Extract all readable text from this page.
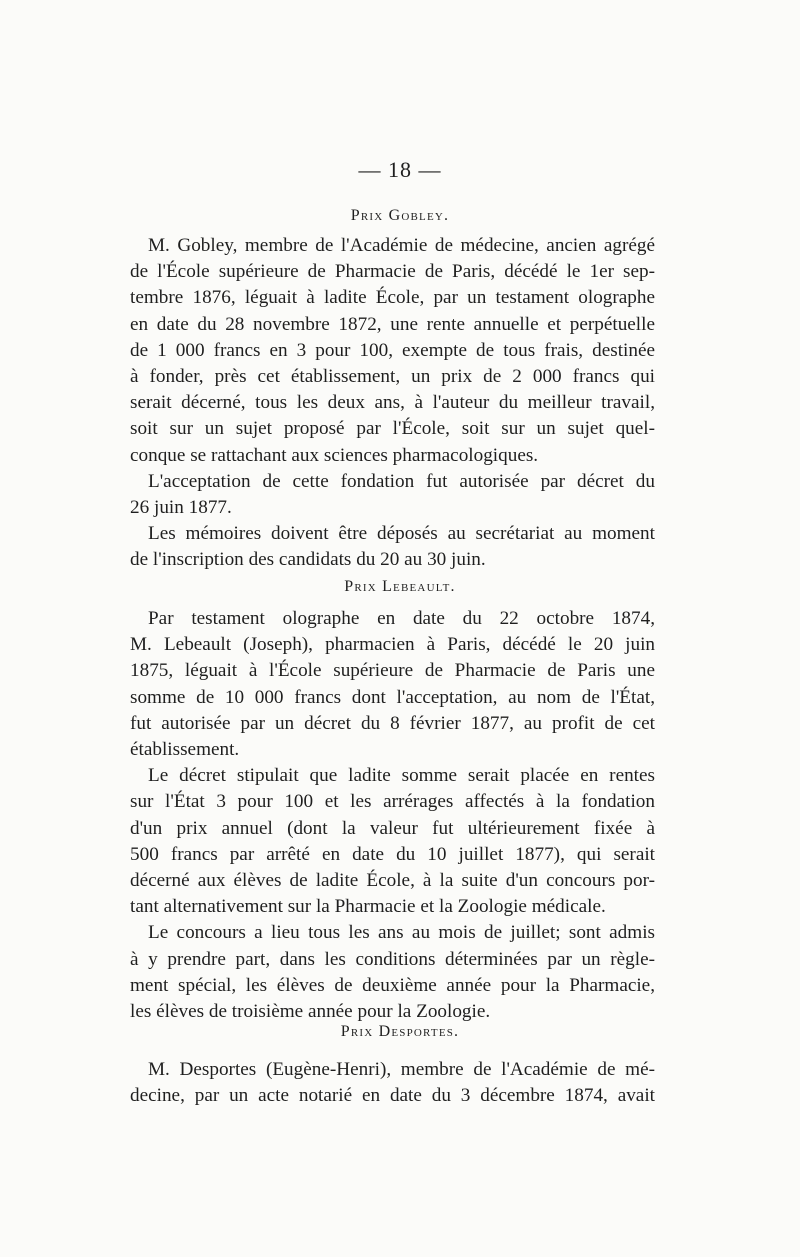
— 18 —
Prix Gobley.
M. Gobley, membre de l'Académie de médecine, ancien agrégé
de l'École supérieure de Pharmacie de Paris, décédé le 1er sep-
tembre 1876, léguait à ladite École, par un testament olographe
en date du 28 novembre 1872, une rente annuelle et perpétuelle
de 1 000 francs en 3 pour 100, exempte de tous frais, destinée
à fonder, près cet établissement, un prix de 2 000 francs qui
serait décerné, tous les deux ans, à l'auteur du meilleur travail,
soit sur un sujet proposé par l'École, soit sur un sujet quel-
conque se rattachant aux sciences pharmacologiques.
L'acceptation de cette fondation fut autorisée par décret du
26 juin 1877.
Les mémoires doivent être déposés au secrétariat au moment
de l'inscription des candidats du 20 au 30 juin.
Prix Lebeault.
Par testament olographe en date du 22 octobre 1874,
M. Lebeault (Joseph), pharmacien à Paris, décédé le 20 juin
1875, léguait à l'École supérieure de Pharmacie de Paris une
somme de 10 000 francs dont l'acceptation, au nom de l'État,
fut autorisée par un décret du 8 février 1877, au profit de cet
établissement.
Le décret stipulait que ladite somme serait placée en rentes
sur l'État 3 pour 100 et les arrérages affectés à la fondation
d'un prix annuel (dont la valeur fut ultérieurement fixée à
500 francs par arrêté en date du 10 juillet 1877), qui serait
décerné aux élèves de ladite École, à la suite d'un concours por-
tant alternativement sur la Pharmacie et la Zoologie médicale.
Le concours a lieu tous les ans au mois de juillet; sont admis
à y prendre part, dans les conditions déterminées par un règle-
ment spécial, les élèves de deuxième année pour la Pharmacie,
les élèves de troisième année pour la Zoologie.
Prix Desportes.
M. Desportes (Eugène-Henri), membre de l'Académie de mé-
decine, par un acte notarié en date du 3 décembre 1874, avait
